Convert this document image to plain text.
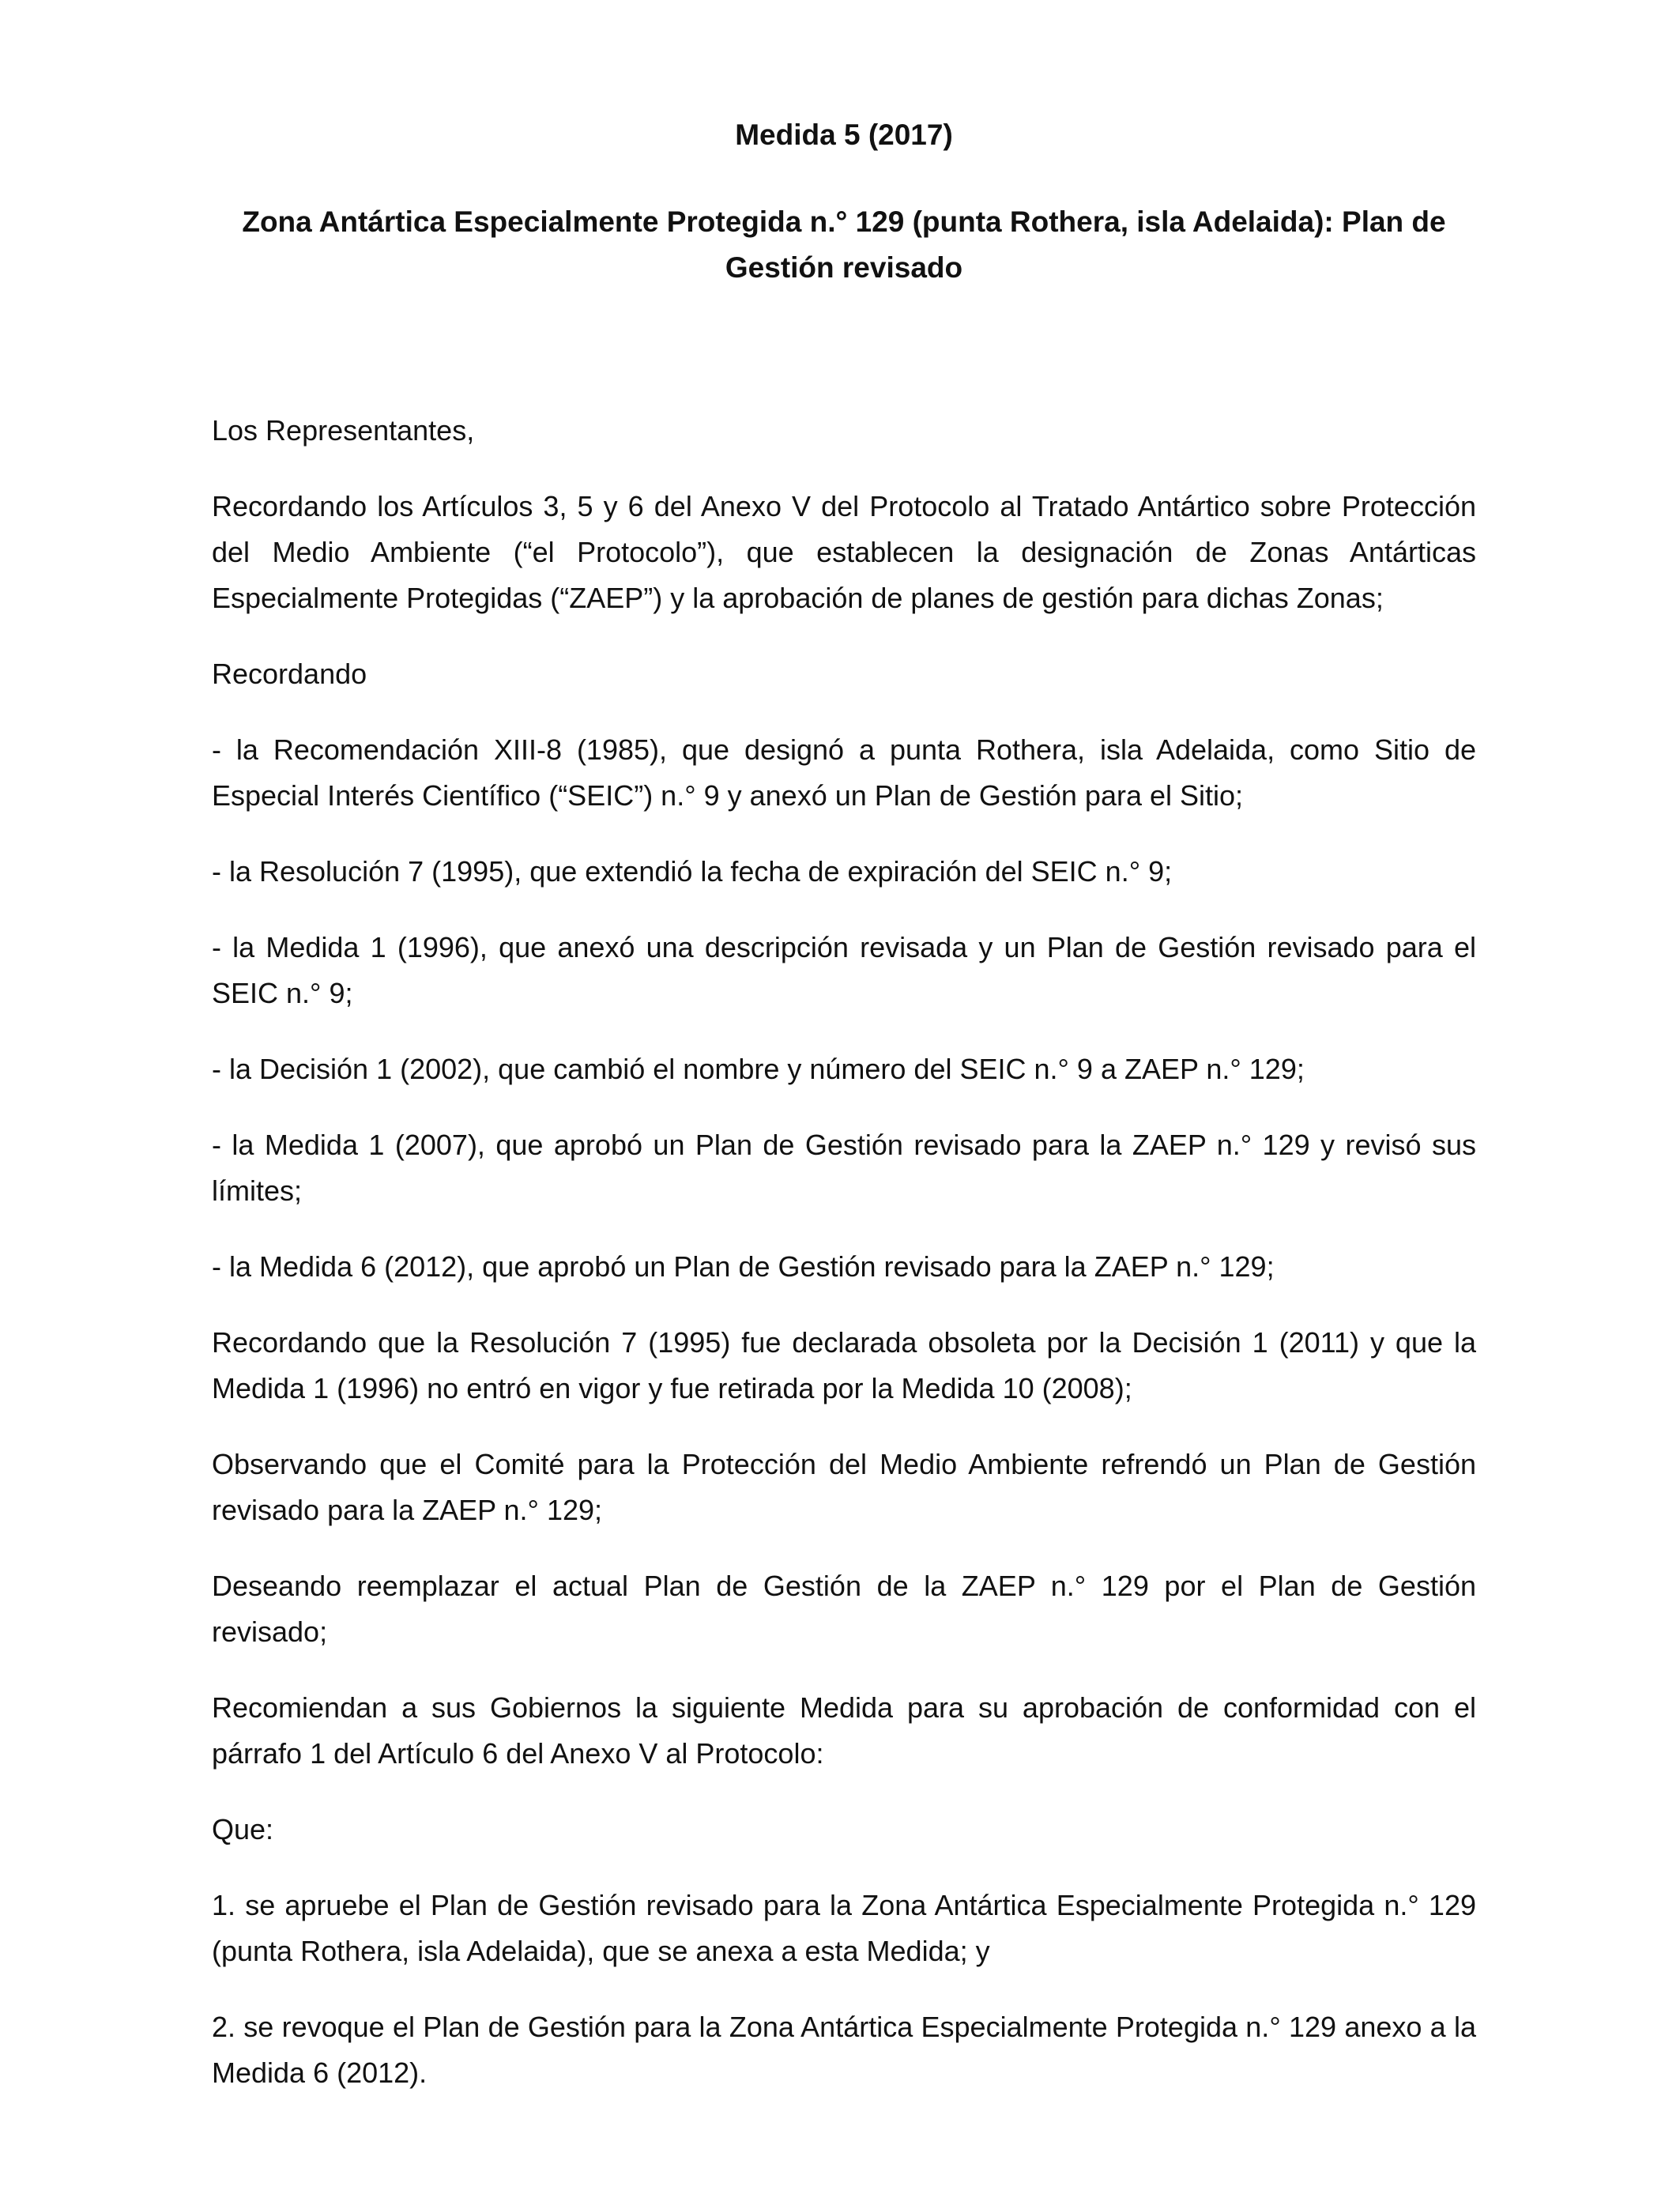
Medida 5 (2017)
Zona Antártica Especialmente Protegida n.° 129 (punta Rothera, isla Adelaida): Plan de Gestión revisado

Los Representantes,

Recordando los Artículos 3, 5 y 6 del Anexo V del Protocolo al Tratado Antártico sobre Protección del Medio Ambiente (“el Protocolo”), que establecen la designación de Zonas Antárticas Especialmente Protegidas (“ZAEP”) y la aprobación de planes de gestión para dichas Zonas;

Recordando

- la Recomendación XIII-8 (1985), que designó a punta Rothera, isla Adelaida, como Sitio de Especial Interés Científico (“SEIC”) n.° 9 y anexó un Plan de Gestión para el Sitio;

- la Resolución 7 (1995), que extendió la fecha de expiración del SEIC n.° 9;

- la Medida 1 (1996), que anexó una descripción revisada y un Plan de Gestión revisado para el SEIC n.° 9;

- la Decisión 1 (2002), que cambió el nombre y número del SEIC n.° 9 a ZAEP n.° 129;

- la Medida 1 (2007), que aprobó un Plan de Gestión revisado para la ZAEP n.° 129 y revisó sus límites;

- la Medida 6 (2012), que aprobó un Plan de Gestión revisado para la ZAEP n.° 129;

Recordando que la Resolución 7 (1995) fue declarada obsoleta por la Decisión 1 (2011) y que la Medida 1 (1996) no entró en vigor y fue retirada por la Medida 10 (2008);

Observando que el Comité para la Protección del Medio Ambiente refrendó un Plan de Gestión revisado para la ZAEP n.° 129;

Deseando reemplazar el actual Plan de Gestión de la ZAEP n.° 129 por el Plan de Gestión revisado;

Recomiendan a sus Gobiernos la siguiente Medida para su aprobación de conformidad con el párrafo 1 del Artículo 6 del Anexo V al Protocolo:

Que:

1. se apruebe el Plan de Gestión revisado para la Zona Antártica Especialmente Protegida n.° 129 (punta Rothera, isla Adelaida), que se anexa a esta Medida; y

2. se revoque el Plan de Gestión para la Zona Antártica Especialmente Protegida n.° 129 anexo a la Medida 6 (2012).
